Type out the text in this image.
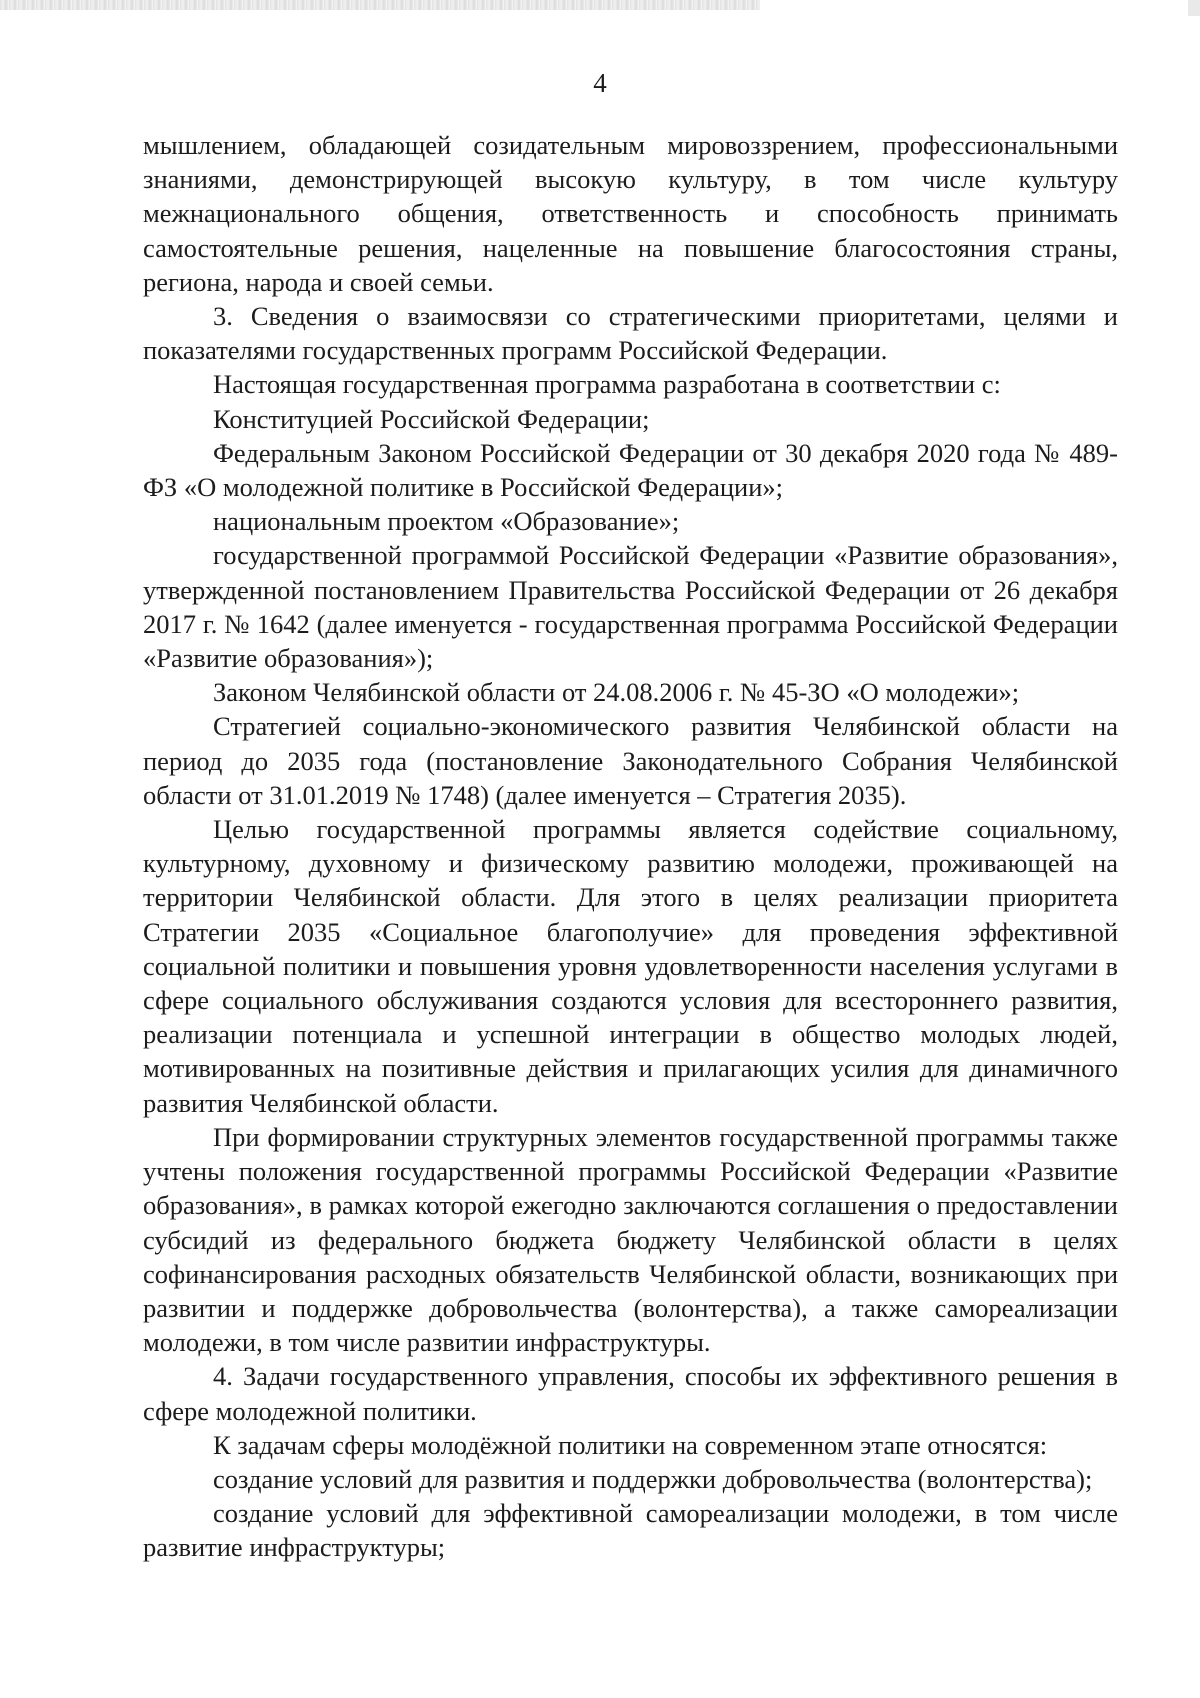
4

мышлением, обладающей созидательным мировоззрением, профессиональными знаниями, демонстрирующей высокую культуру, в том числе культуру межнационального общения, ответственность и способность принимать самостоятельные решения, нацеленные на повышение благосостояния страны, региона, народа и своей семьи.

3. Сведения о взаимосвязи со стратегическими приоритетами, целями и показателями государственных программ Российской Федерации.

Настоящая государственная программа разработана в соответствии с:

Конституцией Российской Федерации;

Федеральным Законом Российской Федерации от 30 декабря 2020 года № 489-ФЗ «О молодежной политике в Российской Федерации»;

национальным проектом «Образование»;

государственной программой Российской Федерации «Развитие образования», утвержденной постановлением Правительства Российской Федерации от 26 декабря 2017 г. № 1642 (далее именуется - государственная программа Российской Федерации «Развитие образования»);

Законом Челябинской области от 24.08.2006 г. № 45-ЗО «О молодежи»;

Стратегией социально-экономического развития Челябинской области на период до 2035 года (постановление Законодательного Собрания Челябинской области от 31.01.2019 № 1748) (далее именуется – Стратегия 2035).

Целью государственной программы является содействие социальному, культурному, духовному и физическому развитию молодежи, проживающей на территории Челябинской области. Для этого в целях реализации приоритета Стратегии 2035 «Социальное благополучие» для проведения эффективной социальной политики и повышения уровня удовлетворенности населения услугами в сфере социального обслуживания создаются условия для всестороннего развития, реализации потенциала и успешной интеграции в общество молодых людей, мотивированных на позитивные действия и прилагающих усилия для динамичного развития Челябинской области.

При формировании структурных элементов государственной программы также учтены положения государственной программы Российской Федерации «Развитие образования», в рамках которой ежегодно заключаются соглашения о предоставлении субсидий из федерального бюджета бюджету Челябинской области в целях софинансирования расходных обязательств Челябинской области, возникающих при развитии и поддержке добровольчества (волонтерства), а также самореализации молодежи, в том числе развитии инфраструктуры.

4. Задачи государственного управления, способы их эффективного решения в сфере молодежной политики.

К задачам сферы молодёжной политики на современном этапе относятся:

создание условий для развития и поддержки добровольчества (волонтерства);

создание условий для эффективной самореализации молодежи, в том числе развитие инфраструктуры;
